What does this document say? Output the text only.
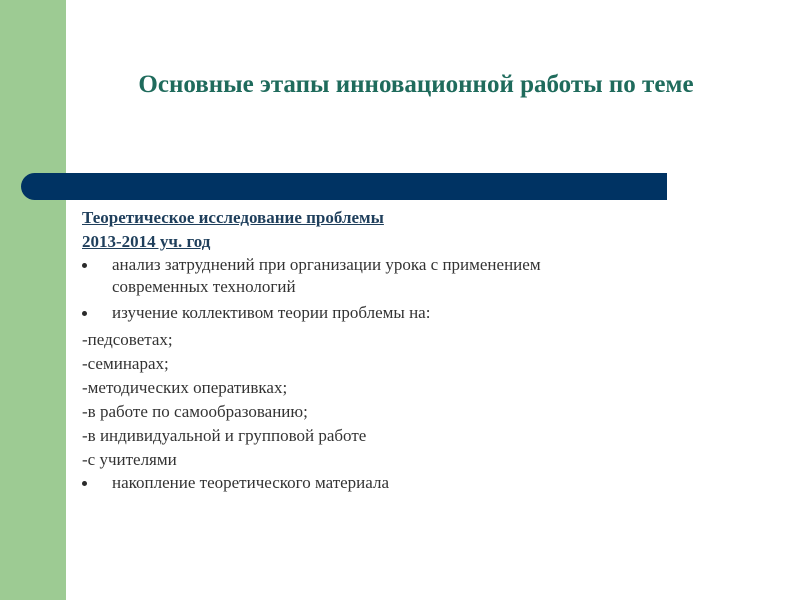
Основные этапы инновационной работы по теме

Теоретическое исследование проблемы

2013-2014 уч. год

анализ затруднений при организации урока с применением
современных технологий
изучение коллективом теории проблемы на:

-педсоветах;

-семинарах;

-методических оперативках;

-в работе по самообразованию;

-в индивидуальной и групповой работе

-с учителями

накопление теоретического материала
